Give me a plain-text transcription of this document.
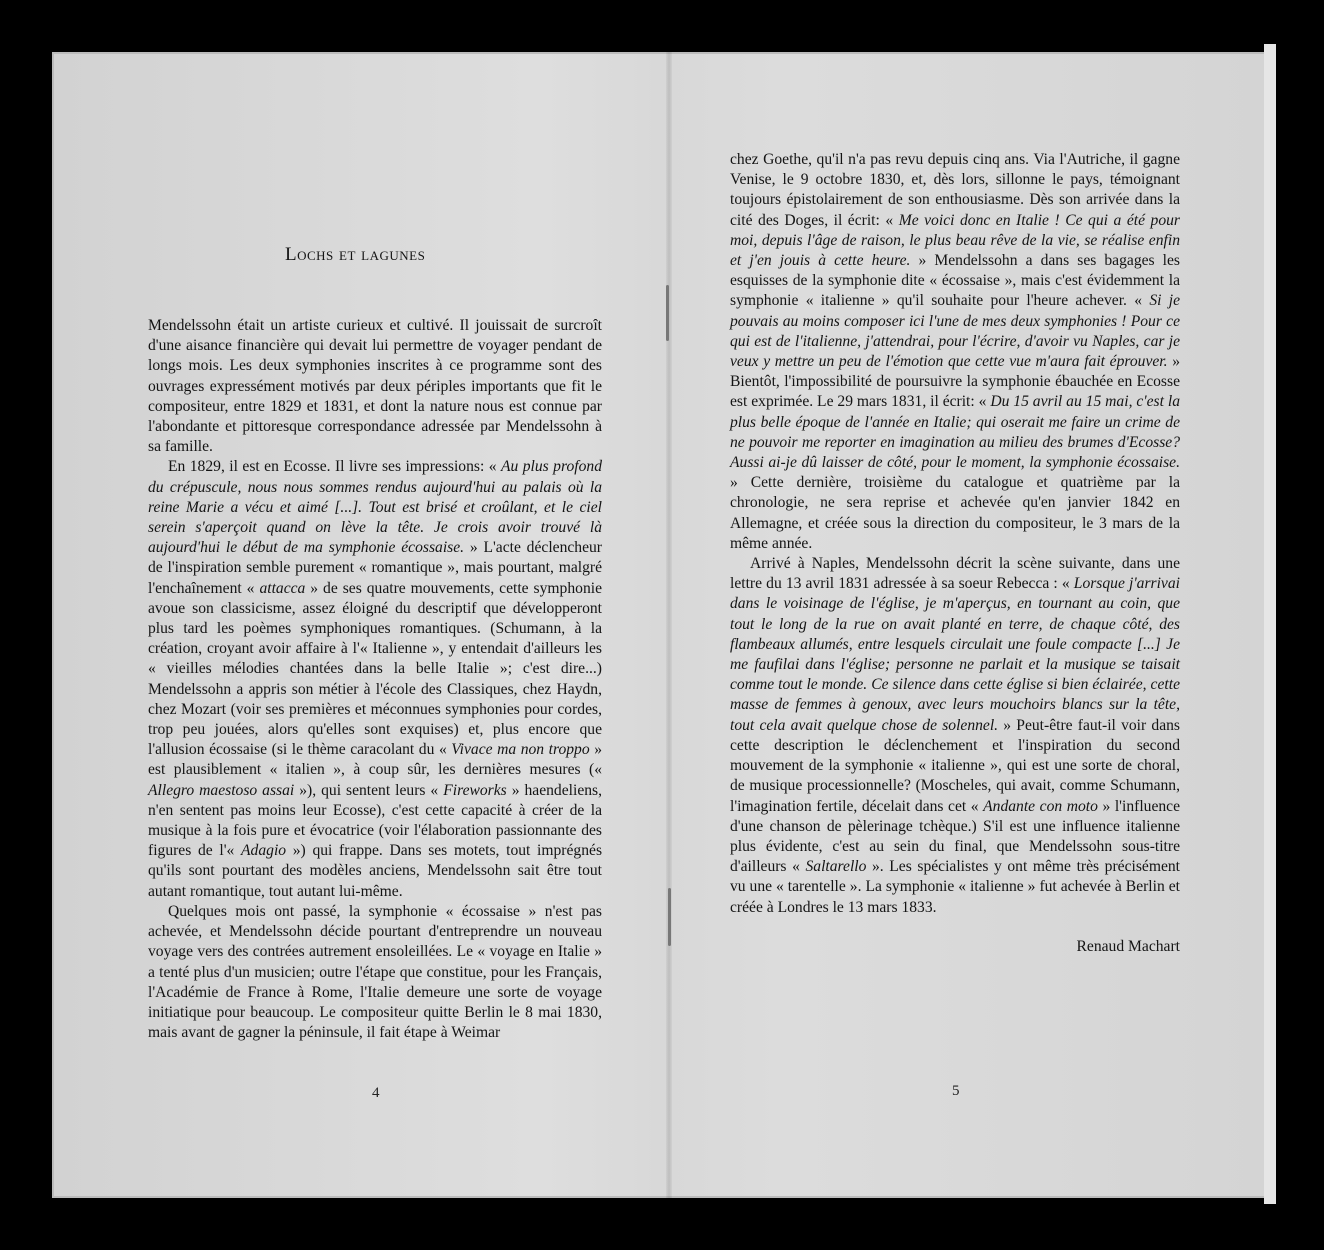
Lochs et lagunes

Mendelssohn était un artiste curieux et cultivé. Il jouissait de surcroît d'une aisance financière qui devait lui permettre de voyager pendant de longs mois. Les deux symphonies inscrites à ce programme sont des ouvrages expressément motivés par deux périples importants que fit le compositeur, entre 1829 et 1831, et dont la nature nous est connue par l'abondante et pittoresque correspondance adressée par Mendelssohn à sa famille.

En 1829, il est en Ecosse. Il livre ses impressions: « Au plus profond du crépuscule, nous nous sommes rendus aujourd'hui au palais où la reine Marie a vécu et aimé [...]. Tout est brisé et croûlant, et le ciel serein s'aperçoit quand on lève la tête. Je crois avoir trouvé là aujourd'hui le début de ma symphonie écossaise. » L'acte déclencheur de l'inspiration semble purement « romantique », mais pourtant, malgré l'enchaînement « attacca » de ses quatre mouvements, cette symphonie avoue son classicisme, assez éloigné du descriptif que développeront plus tard les poèmes symphoniques romantiques. (Schumann, à la création, croyant avoir affaire à l'« Italienne », y entendait d'ailleurs les « vieilles mélodies chantées dans la belle Italie »; c'est dire...) Mendelssohn a appris son métier à l'école des Classiques, chez Haydn, chez Mozart (voir ses premières et méconnues symphonies pour cordes, trop peu jouées, alors qu'elles sont exquises) et, plus encore que l'allusion écossaise (si le thème caracolant du « Vivace ma non troppo » est plausiblement « italien », à coup sûr, les dernières mesures (« Allegro maestoso assai »), qui sentent leurs « Fireworks » haendeliens, n'en sentent pas moins leur Ecosse), c'est cette capacité à créer de la musique à la fois pure et évocatrice (voir l'élaboration passionnante des figures de l'« Adagio ») qui frappe. Dans ses motets, tout imprégnés qu'ils sont pourtant des modèles anciens, Mendelssohn sait être tout autant romantique, tout autant lui-même.

Quelques mois ont passé, la symphonie « écossaise » n'est pas achevée, et Mendelssohn décide pourtant d'entreprendre un nouveau voyage vers des contrées autrement ensoleillées. Le « voyage en Italie » a tenté plus d'un musicien; outre l'étape que constitue, pour les Français, l'Académie de France à Rome, l'Italie demeure une sorte de voyage initiatique pour beaucoup. Le compositeur quitte Berlin le 8 mai 1830, mais avant de gagner la péninsule, il fait étape à Weimar

4

chez Goethe, qu'il n'a pas revu depuis cinq ans. Via l'Autriche, il gagne Venise, le 9 octobre 1830, et, dès lors, sillonne le pays, témoignant toujours épistolairement de son enthousiasme. Dès son arrivée dans la cité des Doges, il écrit: « Me voici donc en Italie ! Ce qui a été pour moi, depuis l'âge de raison, le plus beau rêve de la vie, se réalise enfin et j'en jouis à cette heure. » Mendelssohn a dans ses bagages les esquisses de la symphonie dite « écossaise », mais c'est évidemment la symphonie « italienne » qu'il souhaite pour l'heure achever. « Si je pouvais au moins composer ici l'une de mes deux symphonies ! Pour ce qui est de l'italienne, j'attendrai, pour l'écrire, d'avoir vu Naples, car je veux y mettre un peu de l'émotion que cette vue m'aura fait éprouver. » Bientôt, l'impossibilité de poursuivre la symphonie ébauchée en Ecosse est exprimée. Le 29 mars 1831, il écrit: « Du 15 avril au 15 mai, c'est la plus belle époque de l'année en Italie; qui oserait me faire un crime de ne pouvoir me reporter en imagination au milieu des brumes d'Ecosse? Aussi ai-je dû laisser de côté, pour le moment, la symphonie écossaise. » Cette dernière, troisième du catalogue et quatrième par la chronologie, ne sera reprise et achevée qu'en janvier 1842 en Allemagne, et créée sous la direction du compositeur, le 3 mars de la même année.

Arrivé à Naples, Mendelssohn décrit la scène suivante, dans une lettre du 13 avril 1831 adressée à sa soeur Rebecca : « Lorsque j'arrivai dans le voisinage de l'église, je m'aperçus, en tournant au coin, que tout le long de la rue on avait planté en terre, de chaque côté, des flambeaux allumés, entre lesquels circulait une foule compacte [...] Je me faufilai dans l'église; personne ne parlait et la musique se taisait comme tout le monde. Ce silence dans cette église si bien éclairée, cette masse de femmes à genoux, avec leurs mouchoirs blancs sur la tête, tout cela avait quelque chose de solennel. » Peut-être faut-il voir dans cette description le déclenchement et l'inspiration du second mouvement de la symphonie « italienne », qui est une sorte de choral, de musique processionnelle? (Moscheles, qui avait, comme Schumann, l'imagination fertile, décelait dans cet « Andante con moto » l'influence d'une chanson de pèlerinage tchèque.) S'il est une influence italienne plus évidente, c'est au sein du final, que Mendelssohn sous-titre d'ailleurs « Saltarello ». Les spécialistes y ont même très précisément vu une « tarentelle ». La symphonie « italienne » fut achevée à Berlin et créée à Londres le 13 mars 1833.

Renaud Machart
5
